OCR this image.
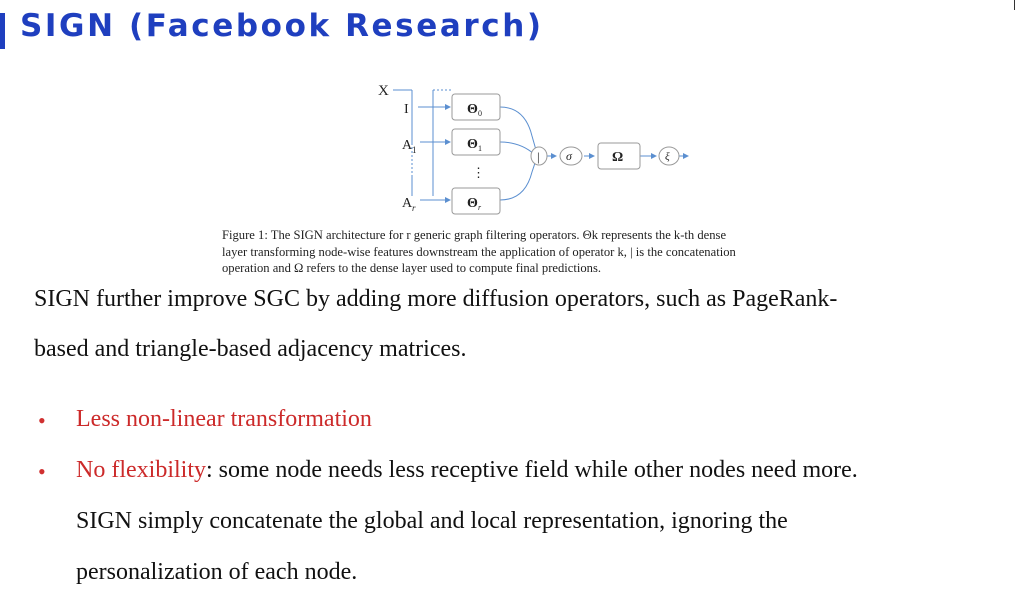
SIGN (Facebook Research)
X
I
A 1
A r
Θ 0
Θ 1
Θ r
⋮
| σ	Ω	ξ

Figure 1: The SIGN architecture for r generic graph filtering operators. Θk represents the k-th dense

layer transforming node-wise features downstream the application of operator k, | is the concatenation

operation and Ω refers to the dense layer used to compute final predictions.

SIGN further improve SGC by adding more diffusion operators, such as PageRank-

based and triangle-based adjacency matrices.

• Less non-linear transformation

• No flexibility: some node needs less receptive field while other nodes need more.

SIGN simply concatenate the global and local representation, ignoring the

personalization of each node.
